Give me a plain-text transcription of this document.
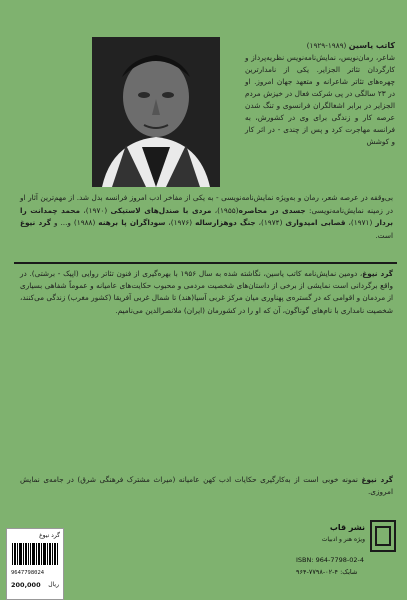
کاتب یاسین (۱۹۸۹-۱۹۲۹)
شاعر، رمان‌نویس، نمایش‌نامه‌نویس نظریه‌پرداز و کارگردان تئاتر الجزایر. یکی از نامدارترین چهره‌های تئاتر شاعرانه و متعهد جهان امروز. او در ۲۳ سالگی در پی شرکت فعال در خیزش مردم الجزایر در برابر اشغالگران فرانسوی و تنگ شدن عرصه کار و زندگی برای وی در کشورش، به فرانسه مهاجرت کرد و پس از چندی - در اثر کار و کوشش
بی‌وقفه در عرصه شعر، رمان و به‌ویژه نمایش‌نامه‌نویسی - به‌ یکی از مفاخر ادب امروز فرانسه بدل شد. از مهم‌ترین آثار او در زمینه نمایش‌نامه‌نویسی: جسدی در محاصره(۱۹۵۵)، مردی با صندل‌های لاستیکی (۱۹۷۰)، محمد چمدانت را بردار (۱۹۷۱)، قصابی امیدواری (۱۹۷۴)، جنگ دوهزارساله (۱۹۷۶)، سوداگران پا برهنه (۱۹۸۸) و... و گرد نیوغ است.
گرد نیوغ، دومین نمایش‌نامه کاتب یاسین، نگاشته شده به سال ۱۹۵۶ با بهره‌گیری از فنون تئاتر روایی (اپیک - برشتی). در واقع برگردانی است نمایشی از برخی از داستان‌های شخصیت مردمی و محبوب حکایت‌های عامیانه و عموماً شفاهی بسیاری از مردمان و اقوامی که در گستره‌ی پهناوری میان مرکز غربی آسیا(هند) تا شمال غربی آفریقا (کشور مغرب) زندگی می‌کنند، شخصیت نامداری با نام‌های گوناگون، آن که او را در کشورمان (ایران) ملانصرالدین می‌نامیم.
گرد نیوغ نمونه خوبی است از به‌کارگیری حکایات ادب کهن عامیانه (میراث مشترک فرهنگی شرق) در جامه‌ی نمایش امروزی.
نشر قاب
ویژه هنر و ادبیات
ISBN: 964-7798-02-4
شابک: ۴-۰۲-۷۷۹۸-۹۶۴
گرد نیوغ
9647798024
200,000 ریال
